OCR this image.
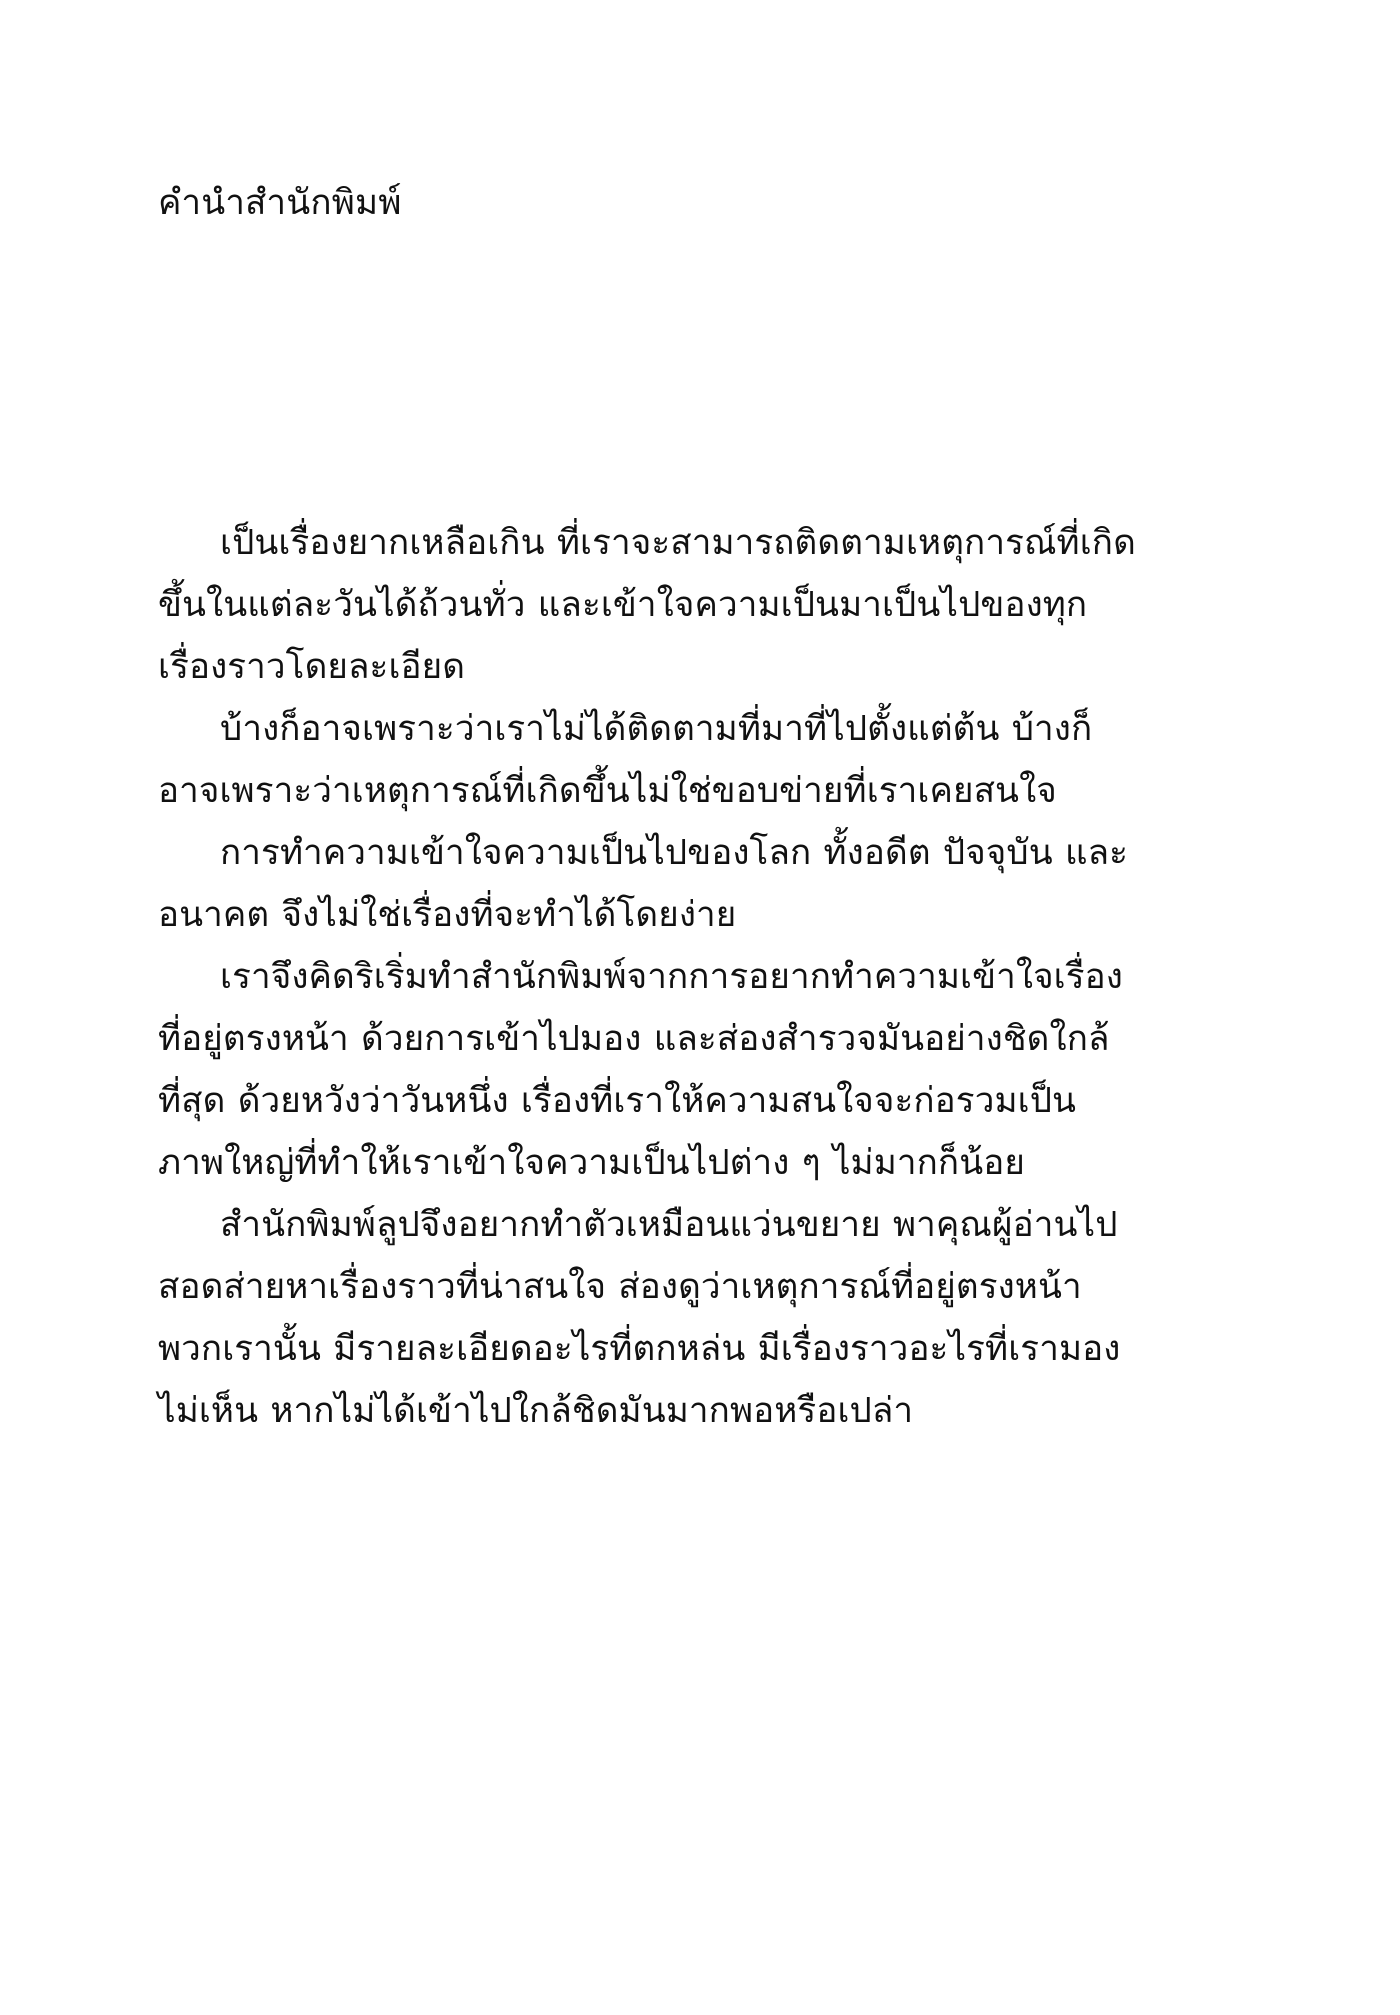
คำนำสำนักพิมพ์

เป็นเรื่องยากเหลือเกิน ที่เราจะสามารถติดตามเหตุการณ์ที่เกิดขึ้นในแต่ละวันได้ถ้วนทั่ว และเข้าใจความเป็นมาเป็นไปของทุกเรื่องราวโดยละเอียด

บ้างก็อาจเพราะว่าเราไม่ได้ติดตามที่มาที่ไปตั้งแต่ต้น บ้างก็อาจเพราะว่าเหตุการณ์ที่เกิดขึ้นไม่ใช่ขอบข่ายที่เราเคยสนใจ

การทำความเข้าใจความเป็นไปของโลก ทั้งอดีต ปัจจุบัน และอนาคต จึงไม่ใช่เรื่องที่จะทำได้โดยง่าย

เราจึงคิดริเริ่มทำสำนักพิมพ์จากการอยากทำความเข้าใจเรื่องที่อยู่ตรงหน้า ด้วยการเข้าไปมอง และส่องสำรวจมันอย่างชิดใกล้ที่สุด ด้วยหวังว่าวันหนึ่ง เรื่องที่เราให้ความสนใจจะก่อรวมเป็นภาพใหญ่ที่ทำให้เราเข้าใจความเป็นไปต่าง ๆ ไม่มากก็น้อย

สำนักพิมพ์ลูปจึงอยากทำตัวเหมือนแว่นขยาย พาคุณผู้อ่านไปสอดส่ายหาเรื่องราวที่น่าสนใจ ส่องดูว่าเหตุการณ์ที่อยู่ตรงหน้าพวกเรานั้น มีรายละเอียดอะไรที่ตกหล่น มีเรื่องราวอะไรที่เรามองไม่เห็น หากไม่ได้เข้าไปใกล้ชิดมันมากพอหรือเปล่า
